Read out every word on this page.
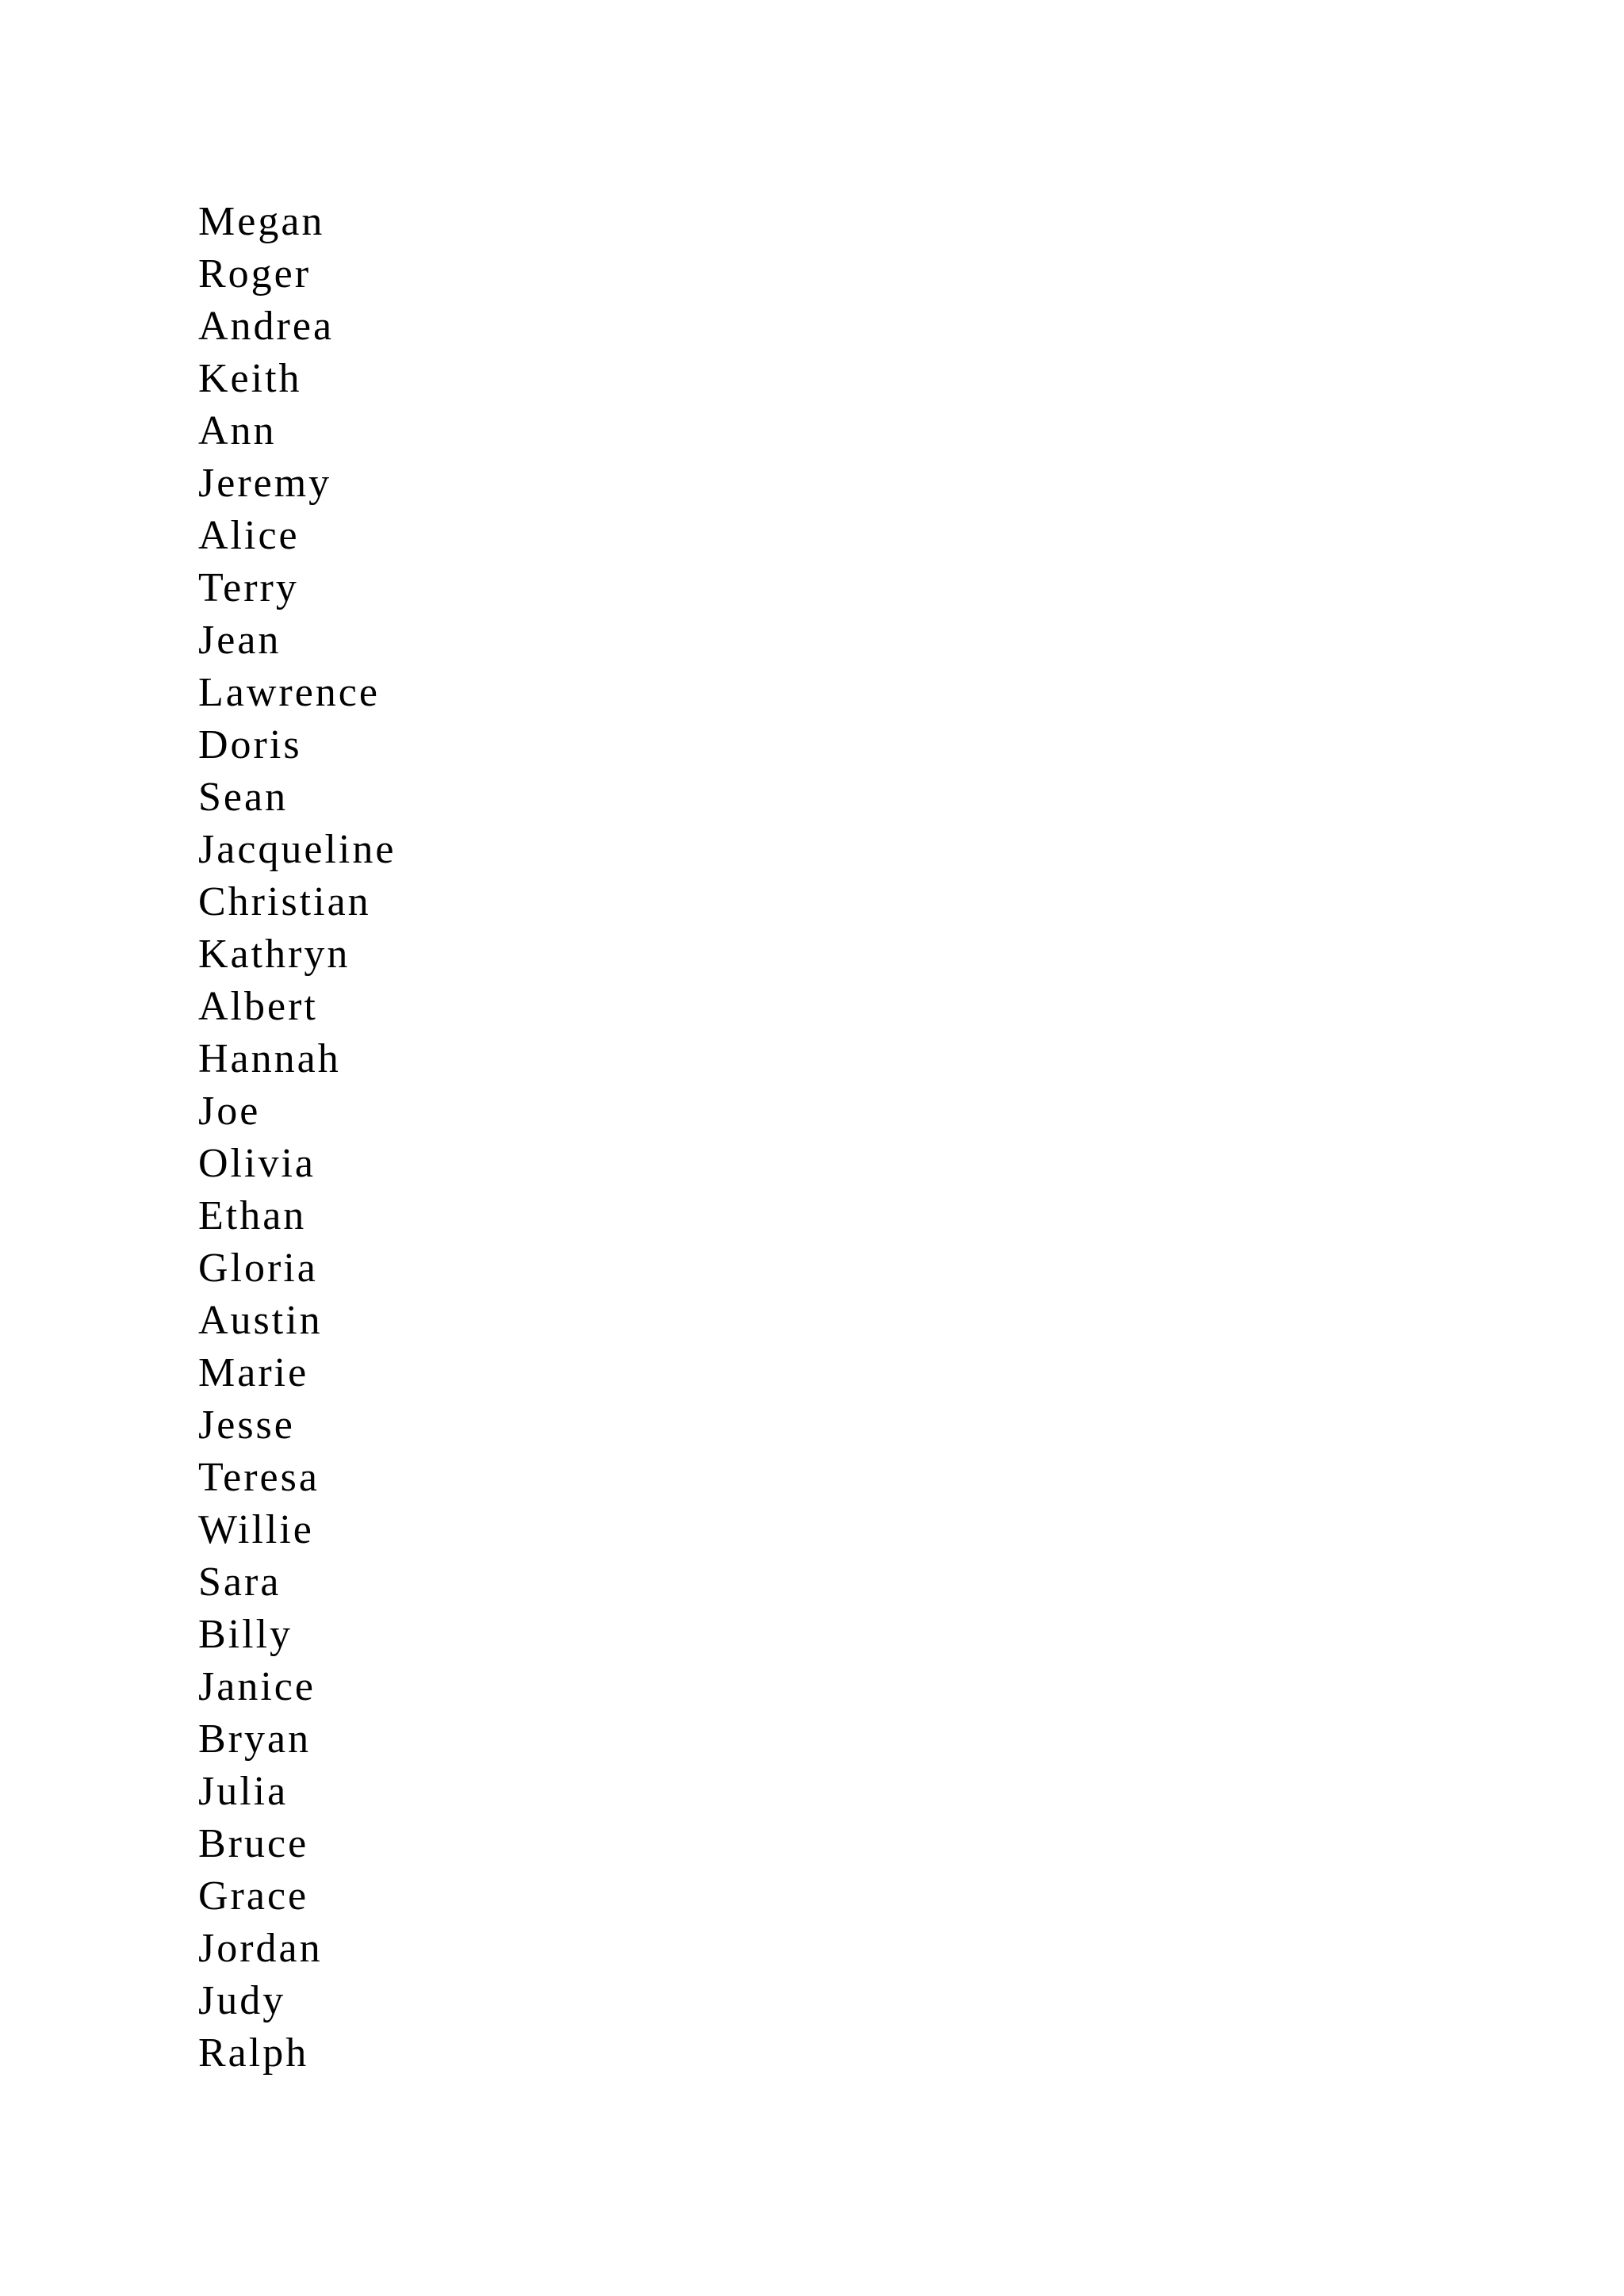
Megan
Roger
Andrea
Keith
Ann
Jeremy
Alice
Terry
Jean
Lawrence
Doris
Sean
Jacqueline
Christian
Kathryn
Albert
Hannah
Joe
Olivia
Ethan
Gloria
Austin
Marie
Jesse
Teresa
Willie
Sara
Billy
Janice
Bryan
Julia
Bruce
Grace
Jordan
Judy
Ralph
